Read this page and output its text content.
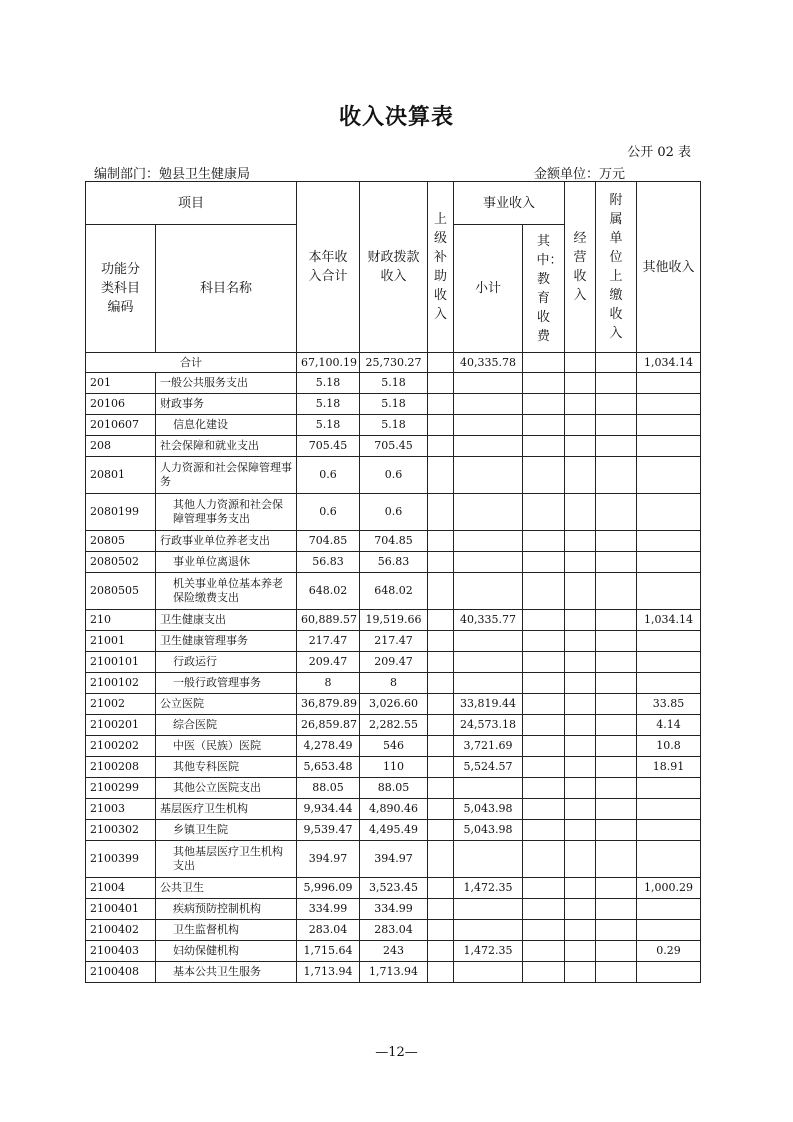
收入决算表
公开 02 表
编制部门：勉县卫生健康局	金额单位：万元
项目		本年收入合计	财政拨款收入	上级补助收入	事业收入		经营收入	附属单位上缴收入	其他收入

功能分类科目编码	科目名称				小计	其中：教育收费			

合计		67,100.19	25,730.27		40,335.78				1,034.14
201	一般公共服务支出	5.18	5.18						
20106	财政事务	5.18	5.18						
2010607	信息化建设	5.18	5.18						
208	社会保障和就业支出	705.45	705.45						
20801	人力资源和社会保障管理事务	0.6	0.6						
2080199	其他人力资源和社会保障管理事务支出	0.6	0.6						
20805	行政事业单位养老支出	704.85	704.85						
2080502	事业单位离退休	56.83	56.83						
2080505	机关事业单位基本养老保险缴费支出	648.02	648.02						
210	卫生健康支出	60,889.57	19,519.66		40,335.77				1,034.14
21001	卫生健康管理事务	217.47	217.47						
2100101	行政运行	209.47	209.47						
2100102	一般行政管理事务	8	8						
21002	公立医院	36,879.89	3,026.60		33,819.44				33.85
2100201	综合医院	26,859.87	2,282.55		24,573.18				4.14
2100202	中医（民族）医院	4,278.49	546		3,721.69				10.8
2100208	其他专科医院	5,653.48	110		5,524.57				18.91
2100299	其他公立医院支出	88.05	88.05						
21003	基层医疗卫生机构	9,934.44	4,890.46		5,043.98				
2100302	乡镇卫生院	9,539.47	4,495.49		5,043.98				
2100399	其他基层医疗卫生机构支出	394.97	394.97						
21004	公共卫生	5,996.09	3,523.45		1,472.35				1,000.29
2100401	疾病预防控制机构	334.99	334.99						
2100402	卫生监督机构	283.04	283.04						
2100403	妇幼保健机构	1,715.64	243		1,472.35				0.29
2100408	基本公共卫生服务	1,713.94	1,713.94						
—12—
